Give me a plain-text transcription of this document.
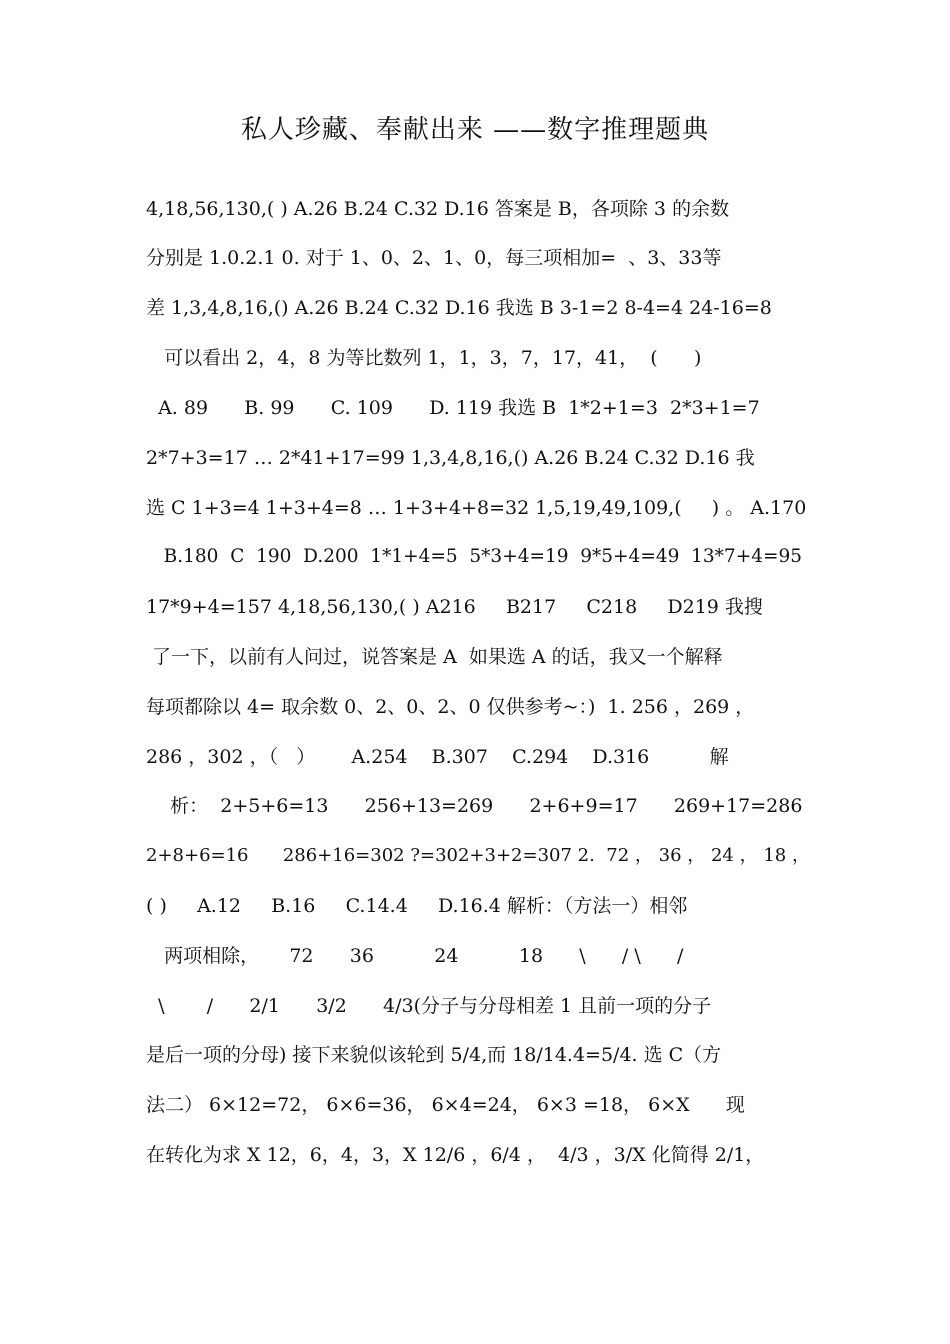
私人珍藏、奉献出来 ——数字推理题典
4,18,56,130,( ) A.26 B.24 C.32 D.16 答案是 B，各项除 3 的余数
分别是 1.0.2.1 0. 对于 1、0、2、1、0，每三项相加=  、3、33等
差 1,3,4,8,16,() A.26 B.24 C.32 D.16 我选 B 3-1=2 8-4=4 24-16=8
可以看出 2，4，8 为等比数列 1，1，3，7，17，41，  (      )
A. 89      B. 99      C. 109      D. 119 我选 B  1*2+1=3  2*3+1=7
2*7+3=17 … 2*41+17=99 1,3,4,8,16,() A.26 B.24 C.32 D.16 我
选 C 1+3=4 1+3+4=8 … 1+3+4+8=32 1,5,19,49,109,(     ) 。 A.170
B.180  C  190  D.200  1*1+4=5  5*3+4=19  9*5+4=49  13*7+4=95
17*9+4=157 4,18,56,130,( ) A216     B217     C218     D219 我搜
了一下，以前有人问过，说答案是 A  如果选 A 的话，我又一个解释
每项都除以 4= 取余数 0、2、0、2、0 仅供参考~：)  1. 256 ，269 ，
286 ，302 ，（   ）      A.254    B.307    C.294    D.316          解
析：  2+5+6=13      256+13=269      2+6+9=17      269+17=286
2+8+6=16      286+16=302 ?=302+3+2=307 2.  72 ， 36 ， 24 ， 18 ，
( )     A.12     B.16     C.14.4     D.16.4 解析：（方法一）相邻
两项相除，     72      36          24          18      \      / \      /
\       /      2/1      3/2      4/3(分子与分母相差 1 且前一项的分子
是后一项的分母) 接下来貌似该轮到 5/4,而 18/14.4=5/4. 选 C（方
法二） 6×12=72， 6×6=36， 6×4=24， 6×3 =18， 6×X      现
在转化为求 X 12，6，4，3，X 12/6 ，6/4 ，  4/3 ，3/X 化简得 2/1，
